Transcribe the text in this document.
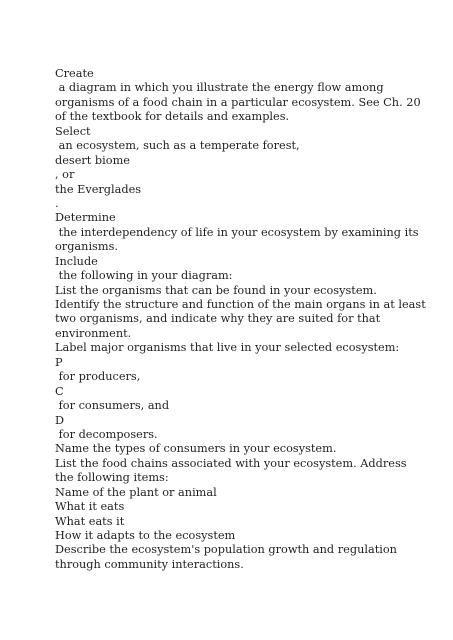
Create

a diagram in which you illustrate the energy flow among

organisms of a food chain in a particular ecosystem. See Ch. 20

of the textbook for details and examples.

Select

an ecosystem, such as a temperate forest,

desert biome

, or

the Everglades

.

Determine

the interdependency of life in your ecosystem by examining its

organisms.

Include

the following in your diagram:

List the organisms that can be found in your ecosystem.

Identify the structure and function of the main organs in at least

two organisms, and indicate why they are suited for that

environment.

Label major organisms that live in your selected ecosystem:

P

for producers,

C

for consumers, and

D

for decomposers.

Name the types of consumers in your ecosystem.

List the food chains associated with your ecosystem. Address

the following items:

Name of the plant or animal

What it eats

What eats it

How it adapts to the ecosystem

Describe the ecosystem's population growth and regulation

through community interactions.
